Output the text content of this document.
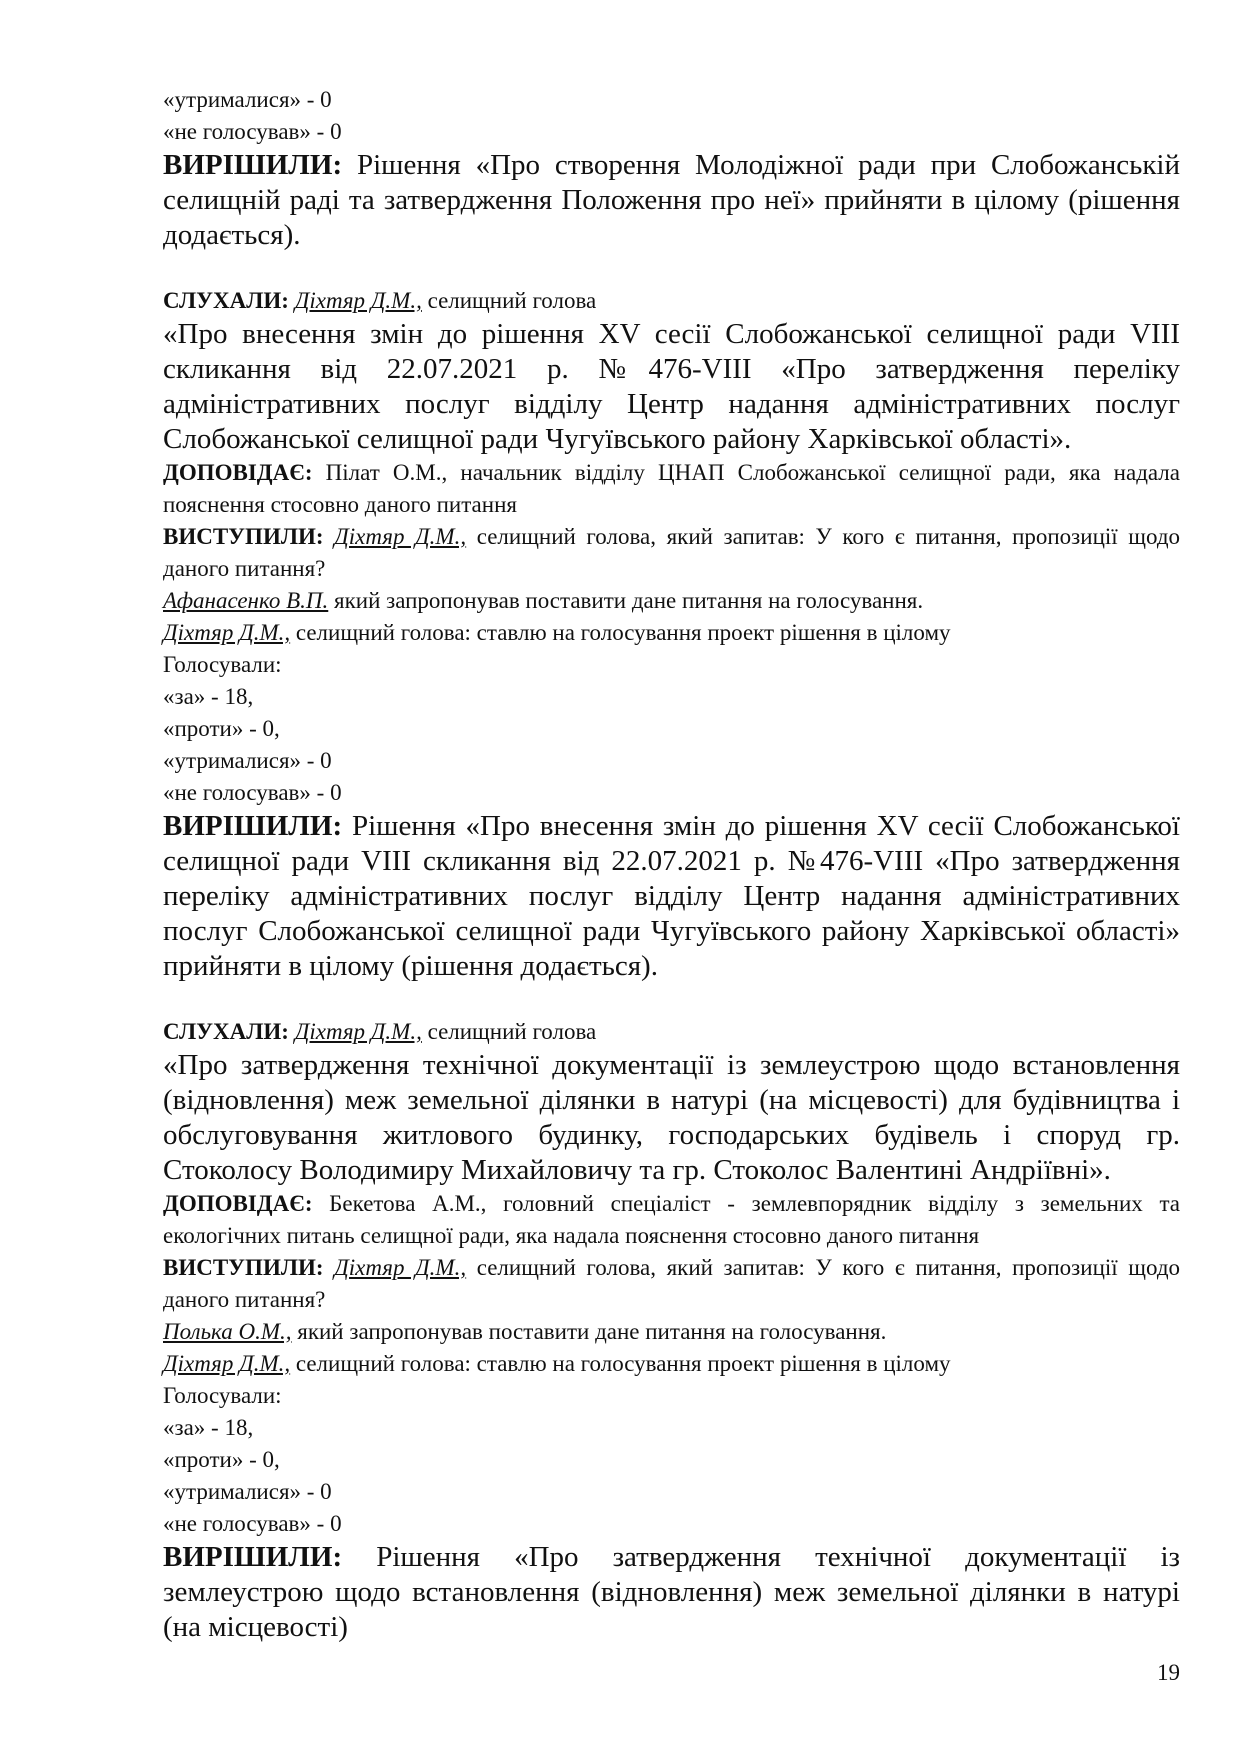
«утрималися» - 0

«не голосував» - 0

ВИРІШИЛИ: Рішення «Про створення Молодіжної ради при Слобожанській селищній раді та затвердження Положення про неї» прийняти в цілому (рішення додається).

СЛУХАЛИ: Діхтяр Д.М., селищний голова

«Про внесення змін до рішення XV сесії Слобожанської селищної ради VIII скликання від 22.07.2021 р. №476-VIII «Про затвердження переліку адміністративних послуг відділу Центр надання адміністративних послуг Слобожанської селищної ради Чугуївського району Харківської області».

ДОПОВІДАЄ: Пілат О.М., начальник відділу ЦНАП Слобожанської селищної ради, яка надала пояснення стосовно даного питання

ВИСТУПИЛИ: Діхтяр Д.М., селищний голова, який запитав: У кого є питання, пропозиції щодо даного питання?

Афанасенко В.П. який запропонував поставити дане питання на голосування.

Діхтяр Д.М., селищний голова: ставлю на голосування проект рішення в цілому

Голосували:

«за» - 18,

«проти» - 0,

«утрималися» - 0

«не голосував» - 0

ВИРІШИЛИ: Рішення «Про внесення змін до рішення XV сесії Слобожанської селищної ради VIII скликання від 22.07.2021 р. №476-VIII «Про затвердження переліку адміністративних послуг відділу Центр надання адміністративних послуг Слобожанської селищної ради Чугуївського району Харківської області» прийняти в цілому (рішення додається).

СЛУХАЛИ: Діхтяр Д.М., селищний голова

«Про затвердження технічної документації із землеустрою щодо встановлення (відновлення) меж земельної ділянки в натурі (на місцевості) для будівництва і обслуговування житлового будинку, господарських будівель і споруд гр. Стоколосу Володимиру Михайловичу та гр. Стоколос Валентині Андріївні».

ДОПОВІДАЄ: Бекетова А.М., головний спеціаліст - землевпорядник відділу з земельних та екологічних питань селищної ради, яка надала пояснення стосовно даного питання

ВИСТУПИЛИ: Діхтяр Д.М., селищний голова, який запитав: У кого є питання, пропозиції щодо даного питання?

Полька О.М., який запропонував поставити дане питання на голосування.

Діхтяр Д.М., селищний голова: ставлю на голосування проект рішення в цілому

Голосували:

«за» - 18,

«проти» - 0,

«утрималися» - 0

«не голосував» - 0

ВИРІШИЛИ: Рішення «Про затвердження технічної документації із землеустрою щодо встановлення (відновлення) меж земельної ділянки в натурі (на місцевості)

19
